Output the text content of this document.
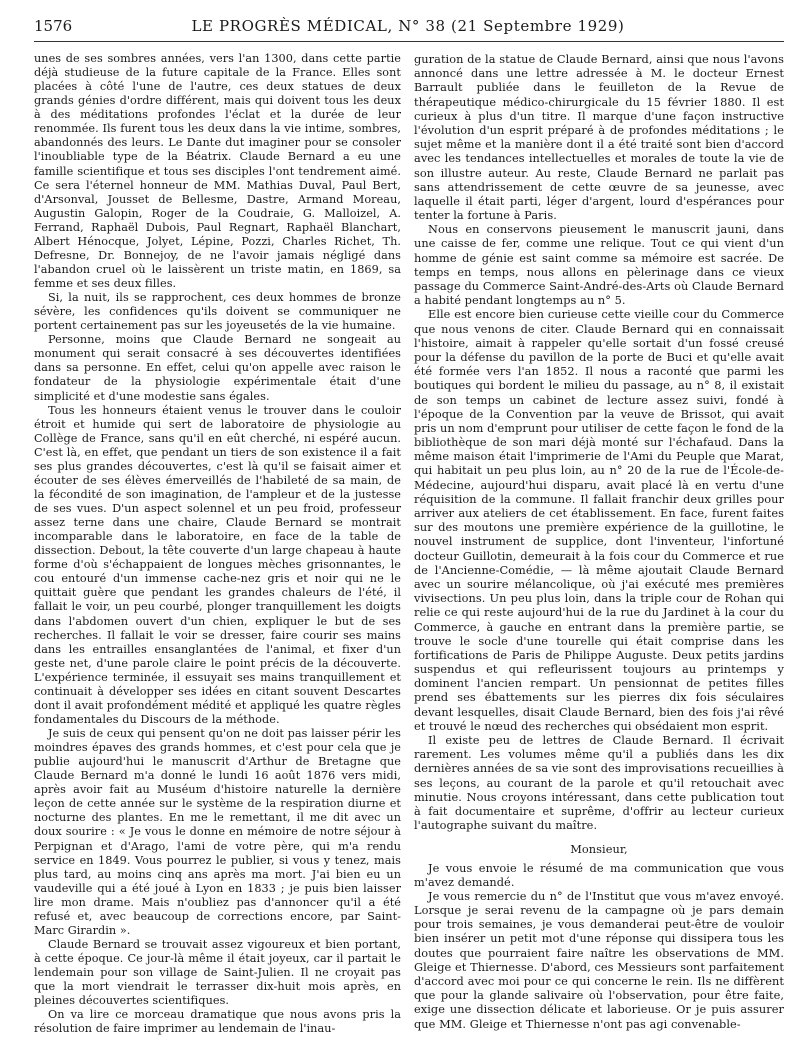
1576	LE PROGRÈS MÉDICAL, N° 38 (21 Septembre 1929)

unes de ses sombres années, vers l'an 1300, dans cette partie déjà studieuse de la future capitale de la France. Elles sont placées à côté l'une de l'autre, ces deux statues de deux grands génies d'ordre différent, mais qui doivent tous les deux à des méditations profondes l'éclat et la durée de leur renommée. Ils furent tous les deux dans la vie intime, sombres, abandonnés des leurs. Le Dante dut imaginer pour se consoler l'inoubliable type de la Béatrix. Claude Bernard a eu une famille scientifique et tous ses disciples l'ont tendrement aimé. Ce sera l'éternel honneur de MM. Mathias Duval, Paul Bert, d'Arsonval, Jousset de Bellesme, Dastre, Armand Moreau, Augustin Galopin, Roger de la Coudraie, G. Malloizel, A. Ferrand, Raphaël Dubois, Paul Regnart, Raphaël Blanchart, Albert Hénocque, Jolyet, Lépine, Pozzi, Charles Richet, Th. Defresne, Dr. Bonnejoy, de ne l'avoir jamais négligé dans l'abandon cruel où le laissèrent un triste matin, en 1869, sa femme et ses deux filles.

Si, la nuit, ils se rapprochent, ces deux hommes de bronze sévère, les confidences qu'ils doivent se communiquer ne portent certainement pas sur les joyeusetés de la vie humaine.

Personne, moins que Claude Bernard ne songeait au monument qui serait consacré à ses découvertes identifiées dans sa personne. En effet, celui qu'on appelle avec raison le fondateur de la physiologie expérimentale était d'une simplicité et d'une modestie sans égales.

Tous les honneurs étaient venus le trouver dans le couloir étroit et humide qui sert de laboratoire de physiologie au Collège de France, sans qu'il en eût cherché, ni espéré aucun. C'est là, en effet, que pendant un tiers de son existence il a fait ses plus grandes découvertes, c'est là qu'il se faisait aimer et écouter de ses élèves émerveillés de l'habileté de sa main, de la fécondité de son imagination, de l'ampleur et de la justesse de ses vues. D'un aspect solennel et un peu froid, professeur assez terne dans une chaire, Claude Bernard se montrait incomparable dans le laboratoire, en face de la table de dissection. Debout, la tête couverte d'un large chapeau à haute forme d'où s'échappaient de longues mèches grisonnantes, le cou entouré d'un immense cache-nez gris et noir qui ne le quittait guère que pendant les grandes chaleurs de l'été, il fallait le voir, un peu courbé, plonger tranquillement les doigts dans l'abdomen ouvert d'un chien, expliquer le but de ses recherches. Il fallait le voir se dresser, faire courir ses mains dans les entrailles ensanglantées de l'animal, et fixer d'un geste net, d'une parole claire le point précis de la découverte. L'expérience terminée, il essuyait ses mains tranquillement et continuait à développer ses idées en citant souvent Descartes dont il avait profondément médité et appliqué les quatre règles fondamentales du Discours de la méthode.

Je suis de ceux qui pensent qu'on ne doit pas laisser périr les moindres épaves des grands hommes, et c'est pour cela que je publie aujourd'hui le manuscrit d'Arthur de Bretagne que Claude Bernard m'a donné le lundi 16 août 1876 vers midi, après avoir fait au Muséum d'histoire naturelle la dernière leçon de cette année sur le système de la respiration diurne et nocturne des plantes. En me le remettant, il me dit avec un doux sourire : « Je vous le donne en mémoire de notre séjour à Perpignan et d'Arago, l'ami de votre père, qui m'a rendu service en 1849. Vous pourrez le publier, si vous y tenez, mais plus tard, au moins cinq ans après ma mort. J'ai bien eu un vaudeville qui a été joué à Lyon en 1833 ; je puis bien laisser lire mon drame. Mais n'oubliez pas d'annoncer qu'il a été refusé et, avec beaucoup de corrections encore, par Saint-Marc Girardin ».

Claude Bernard se trouvait assez vigoureux et bien portant, à cette époque. Ce jour-là même il était joyeux, car il partait le lendemain pour son village de Saint-Julien. Il ne croyait pas que la mort viendrait le terrasser dix-huit mois après, en pleines découvertes scientifiques.

On va lire ce morceau dramatique que nous avons pris la résolution de faire imprimer au lendemain de l'inau-

guration de la statue de Claude Bernard, ainsi que nous l'avons annoncé dans une lettre adressée à M. le docteur Ernest Barrault publiée dans le feuilleton de la Revue de thérapeutique médico-chirurgicale du 15 février 1880. Il est curieux à plus d'un titre. Il marque d'une façon instructive l'évolution d'un esprit préparé à de profondes méditations ; le sujet même et la manière dont il a été traité sont bien d'accord avec les tendances intellectuelles et morales de toute la vie de son illustre auteur. Au reste, Claude Bernard ne parlait pas sans attendrissement de cette œuvre de sa jeunesse, avec laquelle il était parti, léger d'argent, lourd d'espérances pour tenter la fortune à Paris.

Nous en conservons pieusement le manuscrit jauni, dans une caisse de fer, comme une relique. Tout ce qui vient d'un homme de génie est saint comme sa mémoire est sacrée. De temps en temps, nous allons en pèlerinage dans ce vieux passage du Commerce Saint-André-des-Arts où Claude Bernard a habité pendant longtemps au n° 5.

Elle est encore bien curieuse cette vieille cour du Commerce que nous venons de citer. Claude Bernard qui en connaissait l'histoire, aimait à rappeler qu'elle sortait d'un fossé creusé pour la défense du pavillon de la porte de Buci et qu'elle avait été formée vers l'an 1852. Il nous a raconté que parmi les boutiques qui bordent le milieu du passage, au n° 8, il existait de son temps un cabinet de lecture assez suivi, fondé à l'époque de la Convention par la veuve de Brissot, qui avait pris un nom d'emprunt pour utiliser de cette façon le fond de la bibliothèque de son mari déjà monté sur l'échafaud. Dans la même maison était l'imprimerie de l'Ami du Peuple que Marat, qui habitait un peu plus loin, au n° 20 de la rue de l'École-de-Médecine, aujourd'hui disparu, avait placé là en vertu d'une réquisition de la commune. Il fallait franchir deux grilles pour arriver aux ateliers de cet établissement. En face, furent faites sur des moutons une première expérience de la guillotine, le nouvel instrument de supplice, dont l'inventeur, l'infortuné docteur Guillotin, demeurait à la fois cour du Commerce et rue de l'Ancienne-Comédie, — là même ajoutait Claude Bernard avec un sourire mélancolique, où j'ai exécuté mes premières vivisections. Un peu plus loin, dans la triple cour de Rohan qui relie ce qui reste aujourd'hui de la rue du Jardinet à la cour du Commerce, à gauche en entrant dans la première partie, se trouve le socle d'une tourelle qui était comprise dans les fortifications de Paris de Philippe Auguste. Deux petits jardins suspendus et qui refleurissent toujours au printemps y dominent l'ancien rempart. Un pensionnat de petites filles prend ses ébattements sur les pierres dix fois séculaires devant lesquelles, disait Claude Bernard, bien des fois j'ai rêvé et trouvé le nœud des recherches qui obsédaient mon esprit.

Il existe peu de lettres de Claude Bernard. Il écrivait rarement. Les volumes même qu'il a publiés dans les dix dernières années de sa vie sont des improvisations recueillies à ses leçons, au courant de la parole et qu'il retouchait avec minutie. Nous croyons intéressant, dans cette publication tout à fait documentaire et suprême, d'offrir au lecteur curieux l'autographe suivant du maître.

Monsieur,

Je vous envoie le résumé de ma communication que vous m'avez demandé.

Je vous remercie du n° de l'Institut que vous m'avez envoyé. Lorsque je serai revenu de la campagne où je pars demain pour trois semaines, je vous demanderai peut-être de vouloir bien insérer un petit mot d'une réponse qui dissipera tous les doutes que pourraient faire naître les observations de MM. Gleige et Thiernesse. D'abord, ces Messieurs sont parfaitement d'accord avec moi pour ce qui concerne le rein. Ils ne diffèrent que pour la glande salivaire où l'observation, pour être faite, exige une dissection délicate et laborieuse. Or je puis assurer que MM. Gleige et Thiernesse n'ont pas agi convenable-
